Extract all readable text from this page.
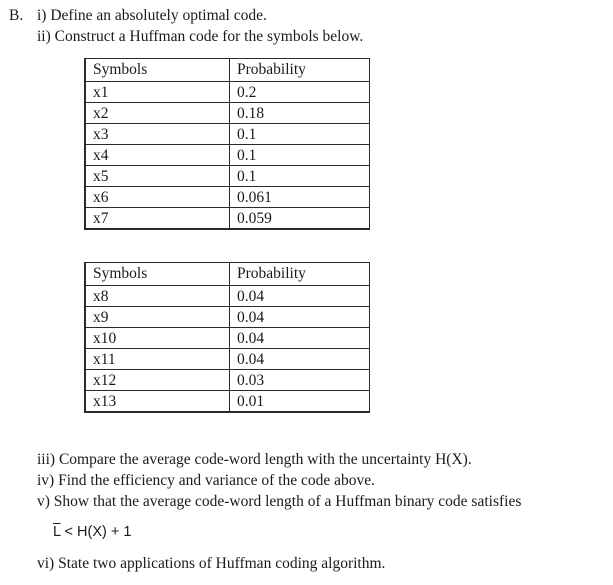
B. i) Define an absolutely optimal code.
ii) Construct a Huffman code for the symbols below.
Symbols	Probability
x1	0.2
x2	0.18
x3	0.1
x4	0.1
x5	0.1
x6	0.061
x7	0.059
Symbols	Probability
x8	0.04
x9	0.04
x10	0.04
x11	0.04
x12	0.03
x13	0.01
iii) Compare the average code-word length with the uncertainty H(X).
iv) Find the efficiency and variance of the code above.
v) Show that the average code-word length of a Huffman binary code satisfies
$\overline{L} < H(X) + 1$
vi) State two applications of Huffman coding algorithm.
